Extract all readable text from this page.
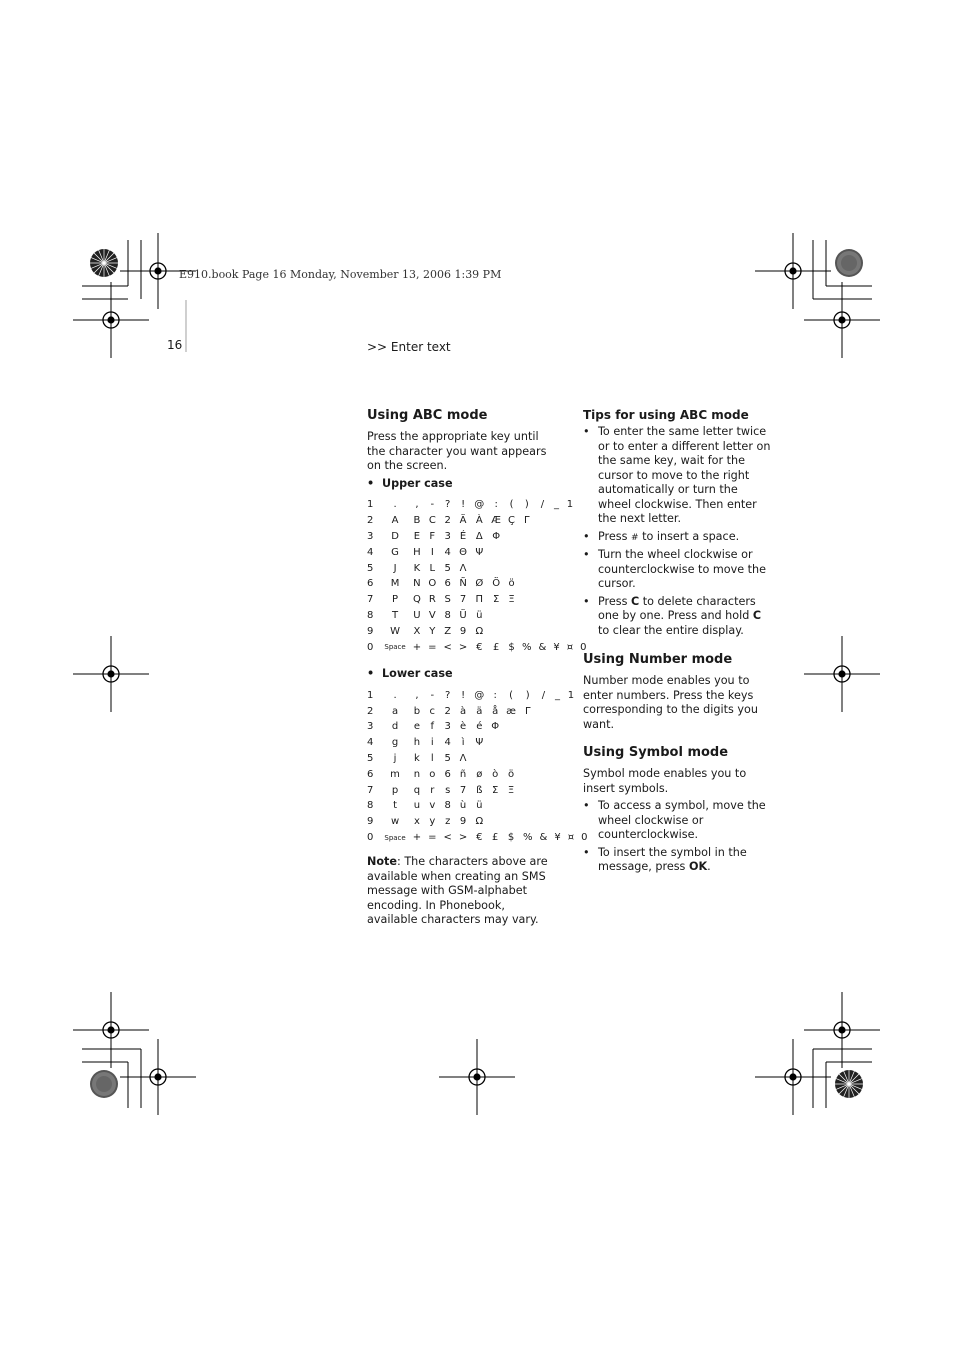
E910.book Page 16 Monday, November 13, 2006 1:39 PM
16	>> Enter text

Using ABC mode

Press the appropriate key until the character you want appears on the screen.

• Upper case

1	.	,	-	?	!	@	:	(	)	/	_	1	
2	A	B	C	2	Ä	À	Æ	Ç	Γ				
3	D	E	F	3	É	Δ	Φ						
4	G	H	I	4	Θ	Ψ							
5	J	K	L	5	Λ								
6	M	N	O	6	Ñ	Ø	Ö	ö					
7	P	Q	R	S	7	Π	Σ	Ξ					
8	T	U	V	8	Ü	ü							
9	W	X	Y	Z	9	Ω							
0	Space	+	=	<	>	€	£	$	%	&	¥	¤	0

• Lower case

1	.	,	-	?	!	@	:	(	)	/	_	1	
2	a	b	c	2	à	ä	å	æ	Γ				
3	d	e	f	3	è	é	Φ						
4	g	h	i	4	ì	Ψ							
5	j	k	l	5	Λ								
6	m	n	o	6	ñ	ø	ò	ö					
7	p	q	r	s	7	ß	Σ	Ξ					
8	t	u	v	8	ù	ü							
9	w	x	y	z	9	Ω							
0	Space	+	=	<	>	€	£	$	%	&	¥	¤	0

Note: The characters above are available when creating an SMS message with GSM-alphabet encoding. In Phonebook, available characters may vary.

Tips for using ABC mode

• To enter the same letter twice or to enter a different letter on the same key, wait for the cursor to move to the right automatically or turn the wheel clockwise. Then enter the next letter.

• Press # to insert a space.

• Turn the wheel clockwise or counterclockwise to move the cursor.

• Press C to delete characters one by one. Press and hold C to clear the entire display.

Using Number mode

Number mode enables you to enter numbers. Press the keys corresponding to the digits you want.

Using Symbol mode

Symbol mode enables you to insert symbols.

• To access a symbol, move the wheel clockwise or counterclockwise.

• To insert the symbol in the message, press OK.
